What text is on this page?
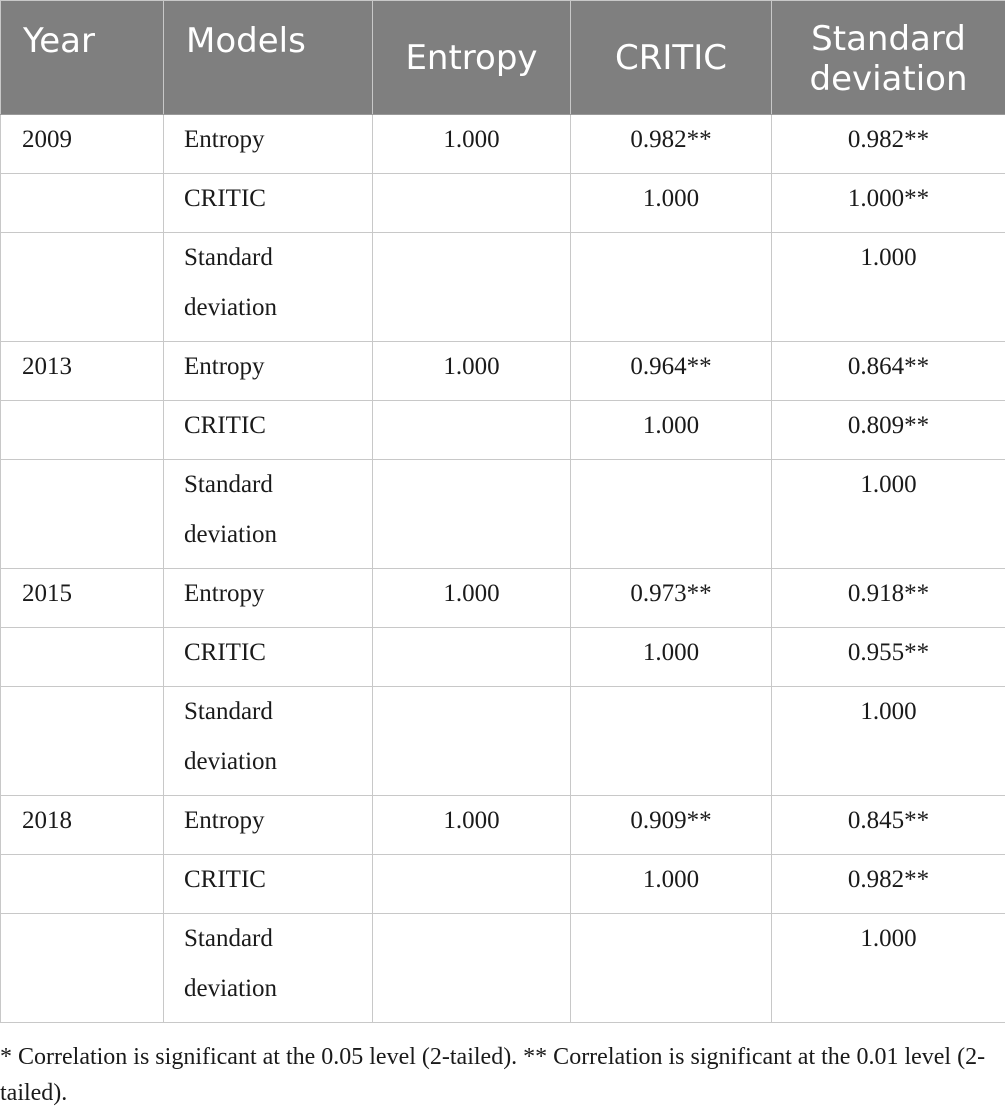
Year	Models	Entropy	CRITIC	Standard deviation
2009	Entropy	1.000	0.982**	0.982**
	CRITIC		1.000	1.000**

	Standard deviation			1.000
2013	Entropy	1.000	0.964**	0.864**
	CRITIC		1.000	0.809**

	Standard deviation			1.000
2015	Entropy	1.000	0.973**	0.918**
	CRITIC		1.000	0.955**

	Standard deviation			1.000
2018	Entropy	1.000	0.909**	0.845**
	CRITIC		1.000	0.982**

	Standard deviation			1.000

* Correlation is significant at the 0.05 level (2-tailed). ** Correlation is significant at the 0.01 level (2-tailed).
